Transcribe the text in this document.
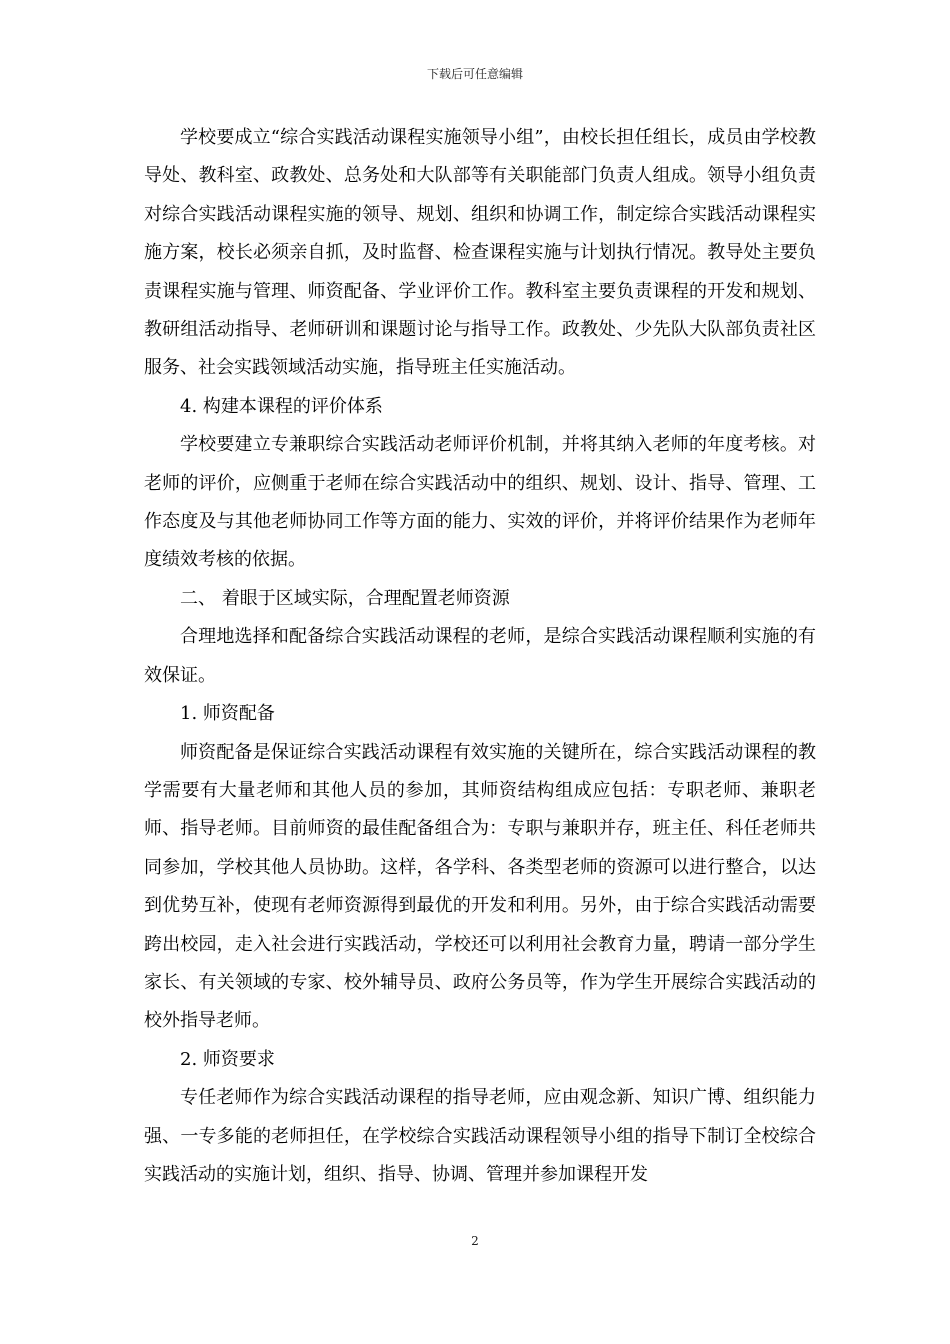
下载后可任意编辑

学校要成立“综合实践活动课程实施领导小组”，由校长担任组长，成员由学校教导处、教科室、政教处、总务处和大队部等有关职能部门负责人组成。领导小组负责对综合实践活动课程实施的领导、规划、组织和协调工作，制定综合实践活动课程实施方案，校长必须亲自抓，及时监督、检查课程实施与计划执行情况。教导处主要负责课程实施与管理、师资配备、学业评价工作。教科室主要负责课程的开发和规划、教研组活动指导、老师研训和课题讨论与指导工作。政教处、少先队大队部负责社区服务、社会实践领域活动实施，指导班主任实施活动。

4. 构建本课程的评价体系

学校要建立专兼职综合实践活动老师评价机制，并将其纳入老师的年度考核。对老师的评价，应侧重于老师在综合实践活动中的组织、规划、设计、指导、管理、工作态度及与其他老师协同工作等方面的能力、实效的评价，并将评价结果作为老师年度绩效考核的依据。

二、 着眼于区域实际，合理配置老师资源

合理地选择和配备综合实践活动课程的老师，是综合实践活动课程顺利实施的有效保证。

1. 师资配备

师资配备是保证综合实践活动课程有效实施的关键所在，综合实践活动课程的教学需要有大量老师和其他人员的参加，其师资结构组成应包括：专职老师、兼职老师、指导老师。目前师资的最佳配备组合为：专职与兼职并存，班主任、科任老师共同参加，学校其他人员协助。这样，各学科、各类型老师的资源可以进行整合，以达到优势互补，使现有老师资源得到最优的开发和利用。另外，由于综合实践活动需要跨出校园，走入社会进行实践活动，学校还可以利用社会教育力量，聘请一部分学生家长、有关领域的专家、校外辅导员、政府公务员等，作为学生开展综合实践活动的校外指导老师。

2. 师资要求

专任老师作为综合实践活动课程的指导老师，应由观念新、知识广博、组织能力强、一专多能的老师担任，在学校综合实践活动课程领导小组的指导下制订全校综合实践活动的实施计划，组织、指导、协调、管理并参加课程开发

2
